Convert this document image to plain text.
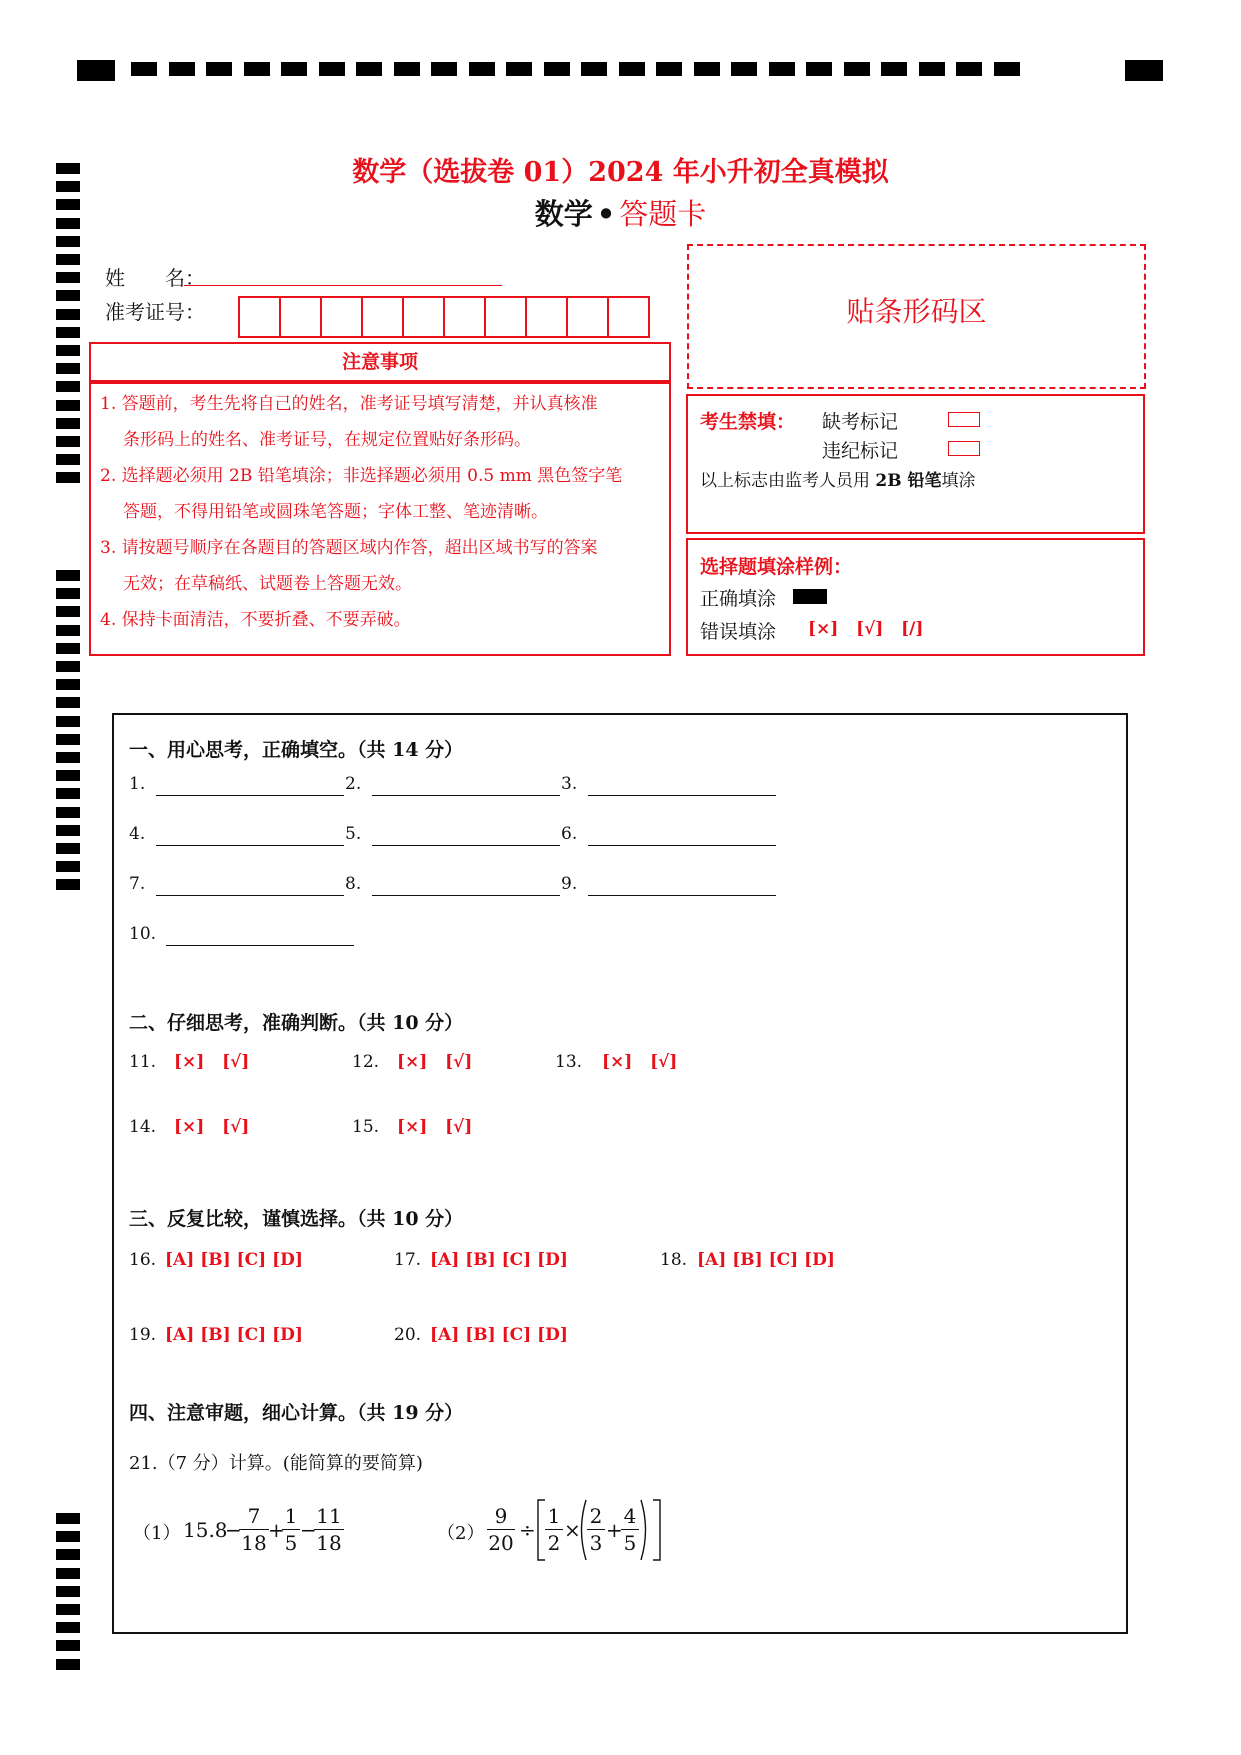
数学（选拔卷 01）2024 年小升初全真模拟
数学 • 答题卡
姓　　名：
准考证号：
注意事项
1. 答题前，考生先将自己的姓名，准考证号填写清楚，并认真核准
条形码上的姓名、准考证号，在规定位置贴好条形码。
2. 选择题必须用 2B 铅笔填涂；非选择题必须用 0.5 mm 黑色签字笔
答题，不得用铅笔或圆珠笔答题；字体工整、笔迹清晰。
3. 请按题号顺序在各题目的答题区域内作答，超出区域书写的答案
无效；在草稿纸、试题卷上答题无效。
4. 保持卡面清洁，不要折叠、不要弄破。
贴条形码区
考生禁填： 缺考标记
违纪标记
以上标志由监考人员用 2B 铅笔填涂
选择题填涂样例：
正确填涂
错误填涂 [×]   [√]   [/]
一、用心思考，正确填空。（共 14 分）
1.	2.	3.
4.	5.	6.
7.	8.	9.
10.
二、仔细思考，准确判断。（共 10 分）
11. [×]   [√]	12. [×]   [√]	13. [×]   [√]
14. [×]   [√]	15. [×]   [√]
三、反复比较，谨慎选择。（共 10 分）
16. [A] [B] [C] [D]	17. [A] [B] [C] [D]	18. [A] [B] [C] [D]
19. [A] [B] [C] [D]	20. [A] [B] [C] [D]
四、注意审题，细心计算。（共 19 分）
21.（7 分）计算。(能简算的要简算)
（1） 15.8
−
$\frac{7}{18}$ +
$\frac{1}{5}$ −
$\frac{11}{18}$	$(2) \frac{9}{20} \div \frac{1}{2} \times \frac{2}{3}$ +
$\frac{4}{5}$
